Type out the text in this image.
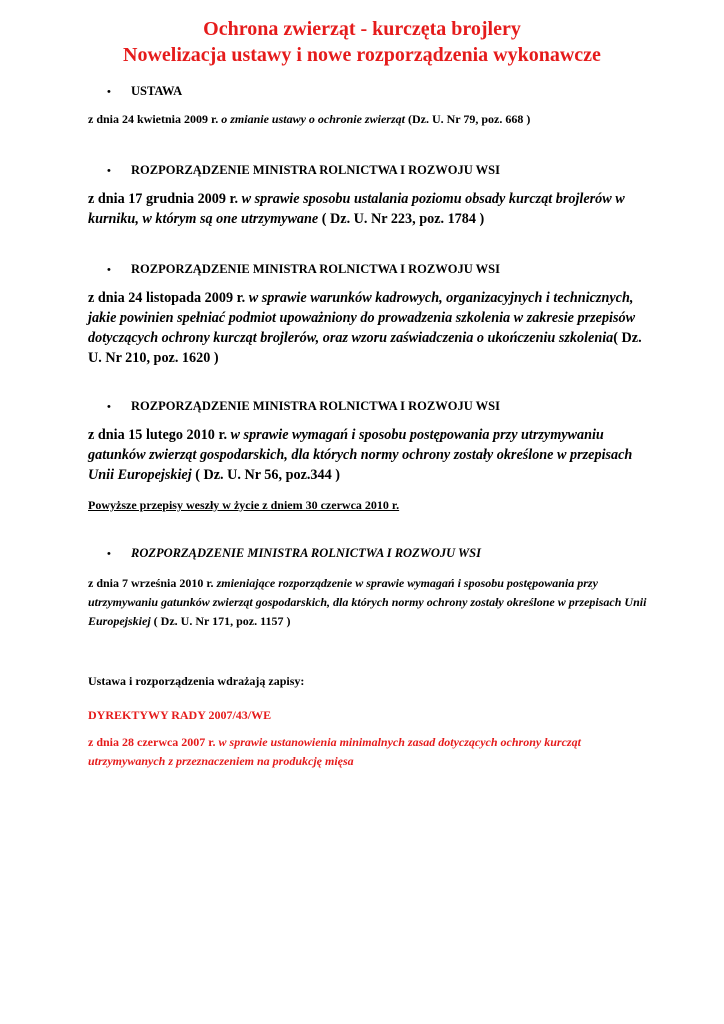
Ochrona zwierząt - kurczęta brojlery
Nowelizacja ustawy i nowe rozporządzenia wykonawcze
• USTAWA

z dnia 24 kwietnia 2009 r. o zmianie ustawy o ochronie zwierząt (Dz. U. Nr 79, poz. 668 )

• ROZPORZĄDZENIE MINISTRA ROLNICTWA I ROZWOJU WSI

z dnia 17 grudnia 2009 r. w sprawie sposobu ustalania poziomu obsady kurcząt brojlerów w kurniku, w którym są one utrzymywane ( Dz. U. Nr 223, poz. 1784 )

• ROZPORZĄDZENIE MINISTRA ROLNICTWA I ROZWOJU WSI

z dnia 24 listopada 2009 r. w sprawie warunków kadrowych, organizacyjnych i technicznych, jakie powinien spełniać podmiot upoważniony do prowadzenia szkolenia w zakresie przepisów dotyczących ochrony kurcząt brojlerów, oraz wzoru zaświadczenia o ukończeniu szkolenia( Dz. U. Nr 210, poz. 1620 )

• ROZPORZĄDZENIE MINISTRA ROLNICTWA I ROZWOJU WSI

z dnia 15 lutego 2010 r. w sprawie wymagań i sposobu postępowania przy utrzymywaniu gatunków zwierząt gospodarskich, dla których normy ochrony zostały określone w przepisach Unii Europejskiej ( Dz. U. Nr 56, poz.344 )

Powyższe przepisy weszły w życie z dniem 30 czerwca 2010 r.

• ROZPORZĄDZENIE MINISTRA ROLNICTWA I ROZWOJU WSI

z dnia 7 września 2010 r. zmieniające rozporządzenie w sprawie wymagań i sposobu postępowania przy utrzymywaniu gatunków zwierząt gospodarskich, dla których normy ochrony zostały określone w przepisach Unii Europejskiej ( Dz. U. Nr 171, poz. 1157 )

Ustawa i rozporządzenia wdrażają zapisy:

DYREKTYWY RADY 2007/43/WE

z dnia 28 czerwca 2007 r. w sprawie ustanowienia minimalnych zasad dotyczących ochrony kurcząt utrzymywanych z przeznaczeniem na produkcję mięsa
